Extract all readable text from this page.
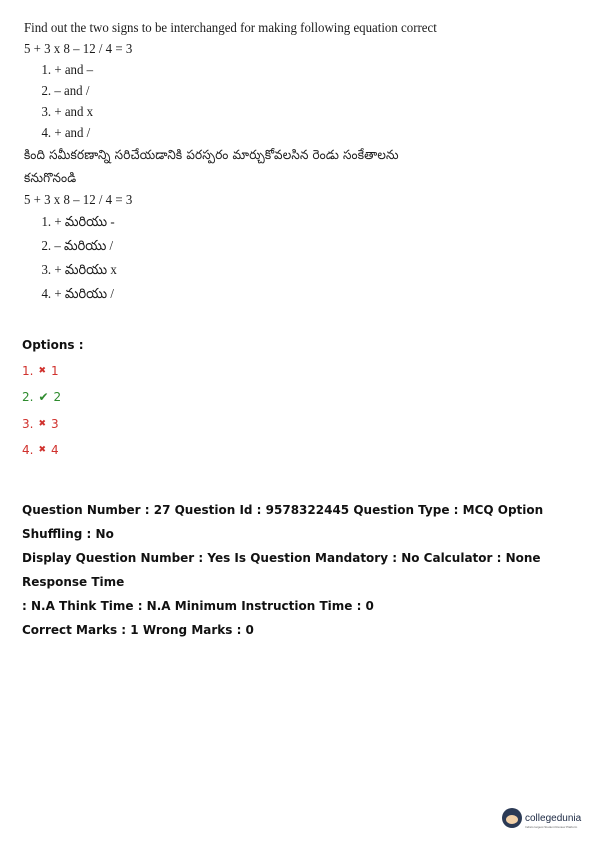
Find out the two signs to be interchanged for making following equation correct
5 + 3 x 8 – 12 / 4 = 3
1. + and –
2. – and /
3. + and x
4. + and /
కింది సమీకరణాన్ని సరిచేయడానికి పరస్పరం మార్చుకోవలసిన రెండు సంకేతాలను
కనుగొనండి
5 + 3 x 8 – 12 / 4 = 3
1. + మరియు -
2. – మరియు /
3. + మరియు x
4. + మరియు /
Options :
1. ✖ 1
2. ✔ 2
3. ✖ 3
4. ✖ 4

Question Number : 27 Question Id : 9578322445 Question Type : MCQ Option Shuffling : No

Display Question Number : Yes Is Question Mandatory : No Calculator : None Response Time

: N.A Think Time : N.A Minimum Instruction Time : 0

Correct Marks : 1 Wrong Marks : 0

collegedunia
India's largest Student Review Platform
